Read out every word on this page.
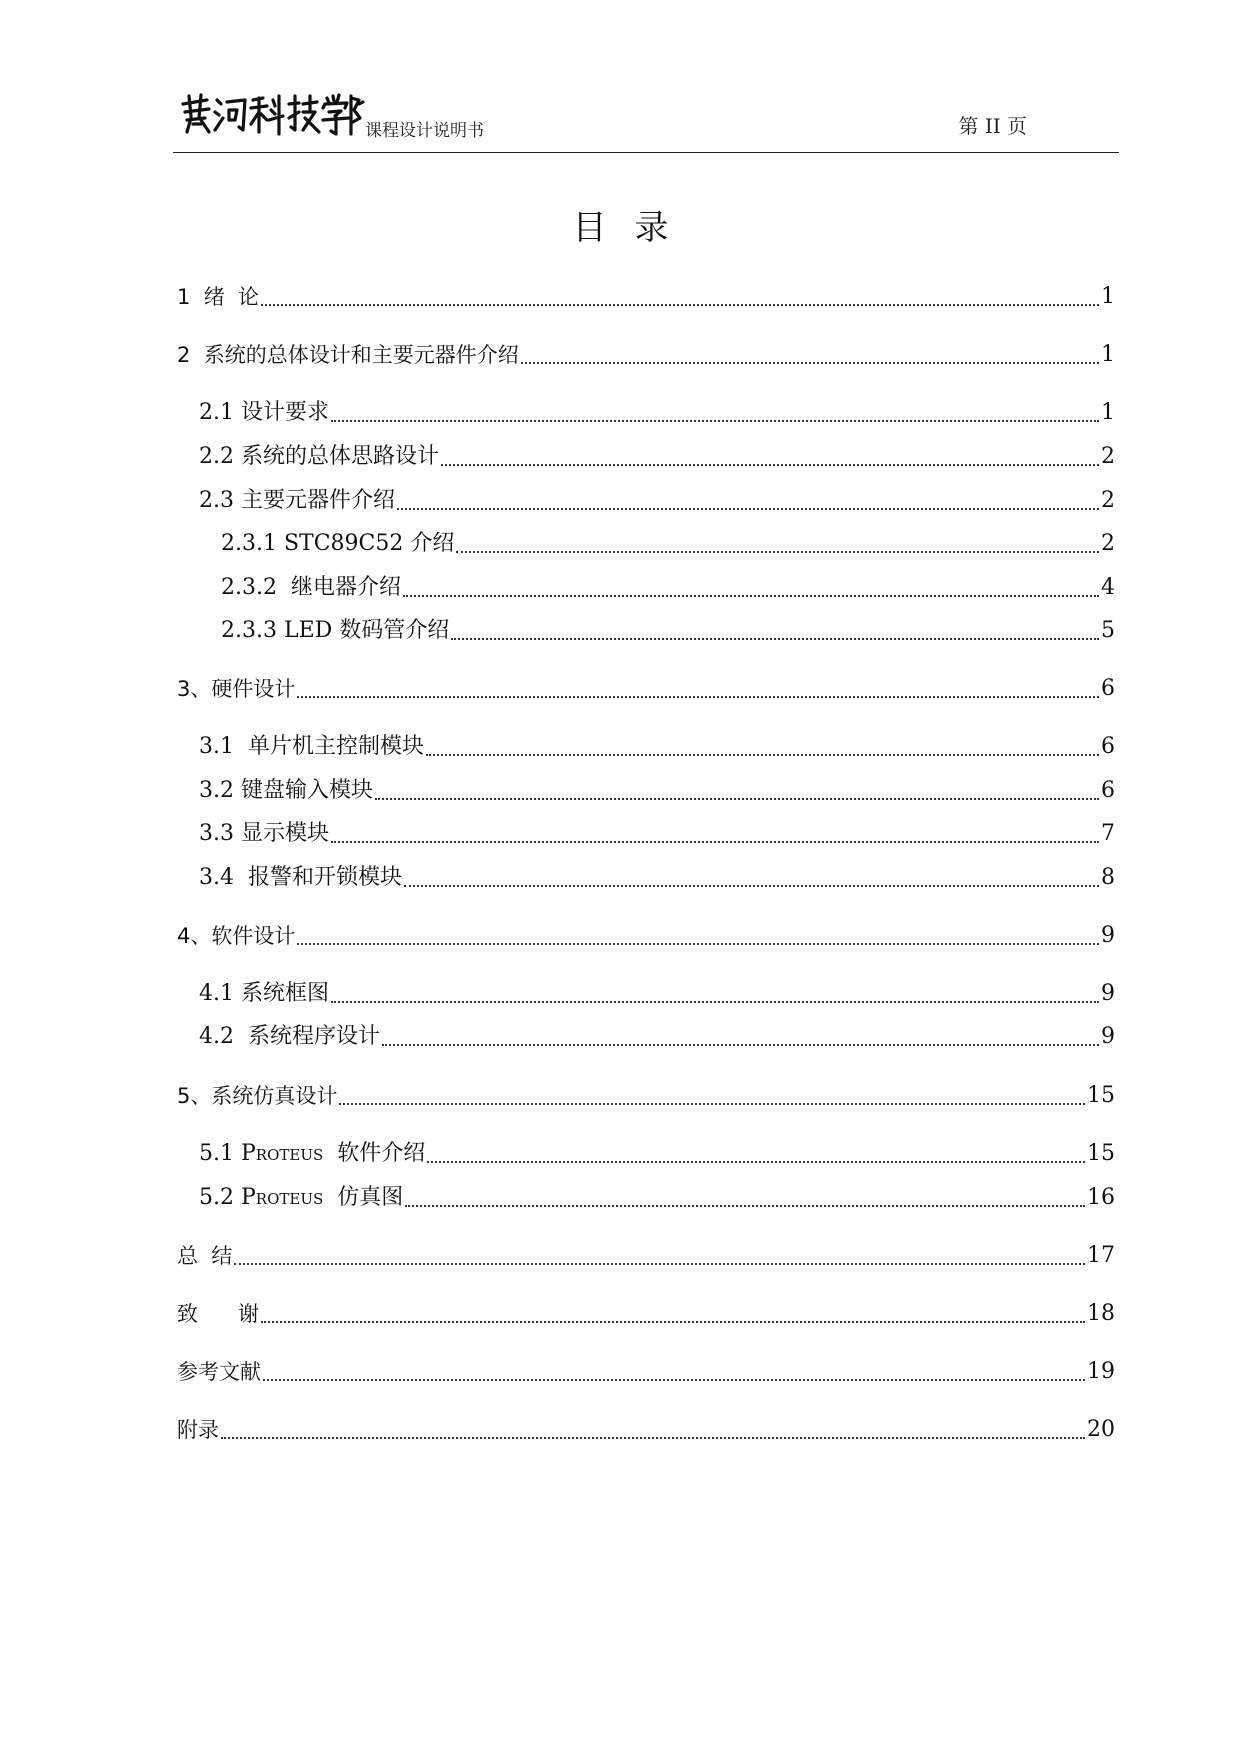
课程设计说明书	第 II 页
目录
1  绪  论	1
2  系统的总体设计和主要元器件介绍	1
2.1 设计要求	1
2.2 系统的总体思路设计	2
2.3 主要元器件介绍	2
2.3.1 STC89C52 介绍	2
2.3.2  继电器介绍	4
2.3.3 LED 数码管介绍	5
3、硬件设计	6
3.1  单片机主控制模块	6
3.2 键盘输入模块	6
3.3 显示模块	7
3.4  报警和开锁模块	8
4、软件设计	9
4.1 系统框图	9
4.2  系统程序设计	9
5、系统仿真设计	15
5.1 Proteus  软件介绍	15
5.2 Proteus  仿真图	16
总  结	17
致      谢	18
参考文献	19
附录	20
